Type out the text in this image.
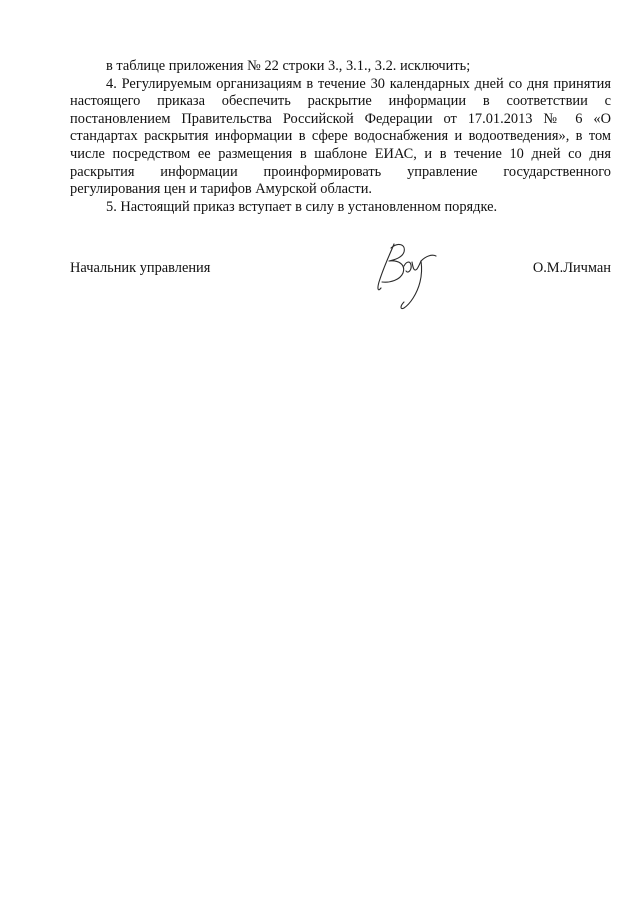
в таблице приложения № 22 строки 3., 3.1., 3.2. исключить;

4. Регулируемым организациям в течение 30 календарных дней со дня принятия настоящего приказа обеспечить раскрытие информации в соответствии с постановлением Правительства Российской Федерации от 17.01.2013 № 6 «О стандартах раскрытия информации в сфере водоснабжения и водоотведения», в том числе посредством ее размещения в шаблоне ЕИАС, и в течение 10 дней со дня раскрытия информации проинформировать управление государственного регулирования цен и тарифов Амурской области.

5. Настоящий приказ вступает в силу в установленном порядке.

Начальник управления	О.М.Личман
